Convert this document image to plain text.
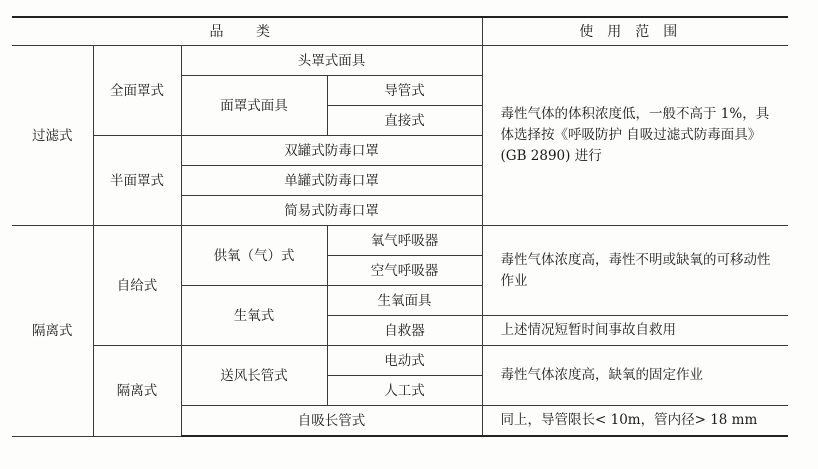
品 类				使用范围
过滤式	全面罩式	头罩式面具		毒性气体的体积浓度低，一般不高于 1%，具体选择按《呼吸防护 自吸过滤式防毒面具》(GB 2890) 进行
		面罩式面具	导管式	
			直接式	
	半面罩式	双罐式防毒口罩		
		单罐式防毒口罩		
		简易式防毒口罩		
隔离式	自给式	供氧（气）式	氧气呼吸器	毒性气体浓度高，毒性不明或缺氧的可移动性作业
			空气呼吸器	
		生氧式	生氧面具	
			自救器	上述情况短暂时间事故自救用
	隔离式	送风长管式	电动式	毒性气体浓度高，缺氧的固定作业
			人工式	
		自吸长管式		同上，导管限长< 10m，管内径> 18 mm
